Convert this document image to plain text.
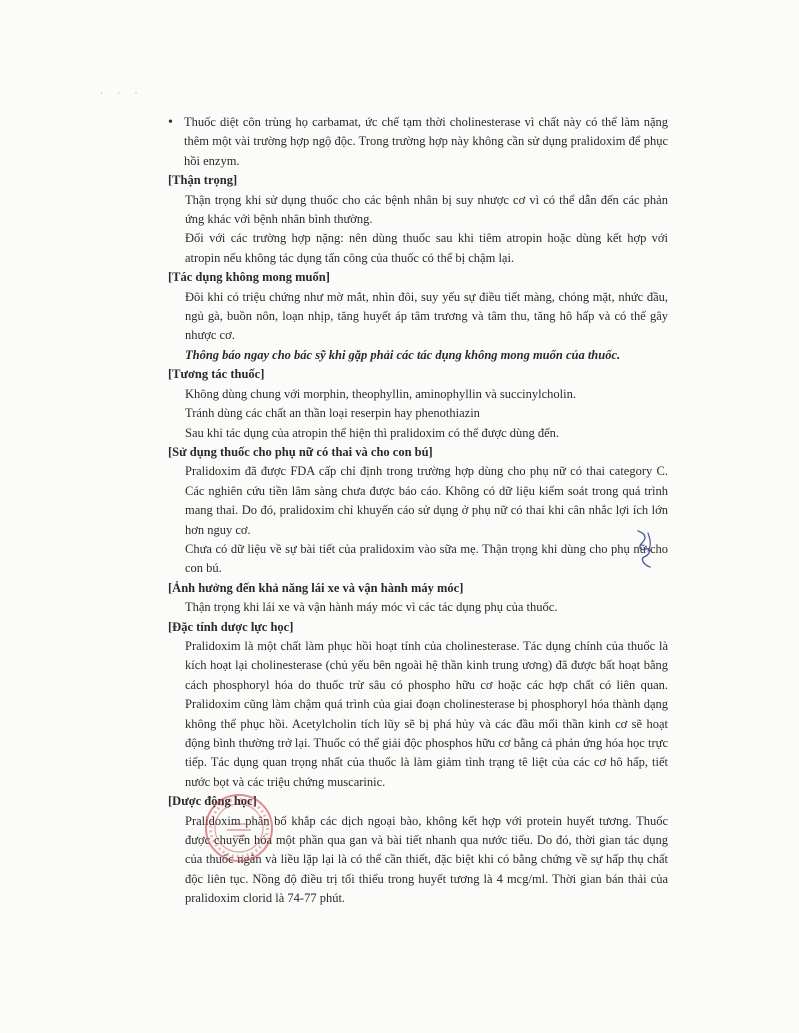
· · ·
• Thuốc diệt côn trùng họ carbamat, ức chế tạm thời cholinesterase vì chất này có thể làm nặng thêm một vài trường hợp ngộ độc. Trong trường hợp này không cần sử dụng pralidoxim để phục hồi enzym.
[Thận trọng]
Thận trọng khi sử dụng thuốc cho các bệnh nhân bị suy nhược cơ vì có thể dẫn đến các phản ứng khác với bệnh nhân bình thường.
Đối với các trường hợp nặng: nên dùng thuốc sau khi tiêm atropin hoặc dùng kết hợp với atropin nếu không tác dụng tấn công của thuốc có thể bị chậm lại.
[Tác dụng không mong muốn]
Đôi khi có triệu chứng như mờ mắt, nhìn đôi, suy yếu sự điều tiết màng, chóng mặt, nhức đầu, ngủ gà, buồn nôn, loạn nhịp, tăng huyết áp tâm trương và tâm thu, tăng hô hấp và có thể gây nhược cơ.
Thông báo ngay cho bác sỹ khi gặp phải các tác dụng không mong muốn của thuốc.
[Tương tác thuốc]
Không dùng chung với morphin, theophyllin, aminophyllin và succinylcholin.
Tránh dùng các chất an thần loại reserpin hay phenothiazin
Sau khi tác dụng của atropin thể hiện thì pralidoxim có thể được dùng đến.
[Sử dụng thuốc cho phụ nữ có thai và cho con bú]
Pralidoxim đã được FDA cấp chỉ định trong trường hợp dùng cho phụ nữ có thai category C. Các nghiên cứu tiền lâm sàng chưa được báo cáo. Không có dữ liệu kiểm soát trong quá trình mang thai. Do đó, pralidoxim chỉ khuyến cáo sử dụng ở phụ nữ có thai khi cân nhắc lợi ích lớn hơn nguy cơ.
Chưa có dữ liệu về sự bài tiết của pralidoxim vào sữa mẹ. Thận trọng khi dùng cho phụ nữ cho con bú.
[Ảnh hưởng đến khả năng lái xe và vận hành máy móc]
Thận trọng khi lái xe và vận hành máy móc vì các tác dụng phụ của thuốc.
[Đặc tính dược lực học]
Pralidoxim là một chất làm phục hồi hoạt tính của cholinesterase. Tác dụng chính của thuốc là kích hoạt lại cholinesterase (chủ yếu bên ngoài hệ thần kinh trung ương) đã được bất hoạt bằng cách phosphoryl hóa do thuốc trừ sâu có phospho hữu cơ hoặc các hợp chất có liên quan. Pralidoxim cũng làm chậm quá trình của giai đoạn cholinesterase bị phosphoryl hóa thành dạng không thể phục hồi. Acetylcholin tích lũy sẽ bị phá hủy và các đầu mối thần kinh cơ sẽ hoạt động bình thường trở lại. Thuốc có thể giải độc phosphos hữu cơ bằng cả phản ứng hóa học trực tiếp. Tác dụng quan trọng nhất của thuốc là làm giảm tình trạng tê liệt của các cơ hô hấp, tiết nước bọt và các triệu chứng muscarinic.
[Dược động học]
Pralidoxim phân bố khắp các dịch ngoại bào, không kết hợp với protein huyết tương. Thuốc được chuyển hóa một phần qua gan và bài tiết nhanh qua nước tiểu. Do đó, thời gian tác dụng của thuốc ngắn và liều lặp lại là có thể cần thiết, đặc biệt khi có bằng chứng về sự hấp thụ chất độc liên tục. Nồng độ điều trị tối thiểu trong huyết tương là 4 mcg/ml. Thời gian bán thải của pralidoxim clorid là 74-77 phút.
